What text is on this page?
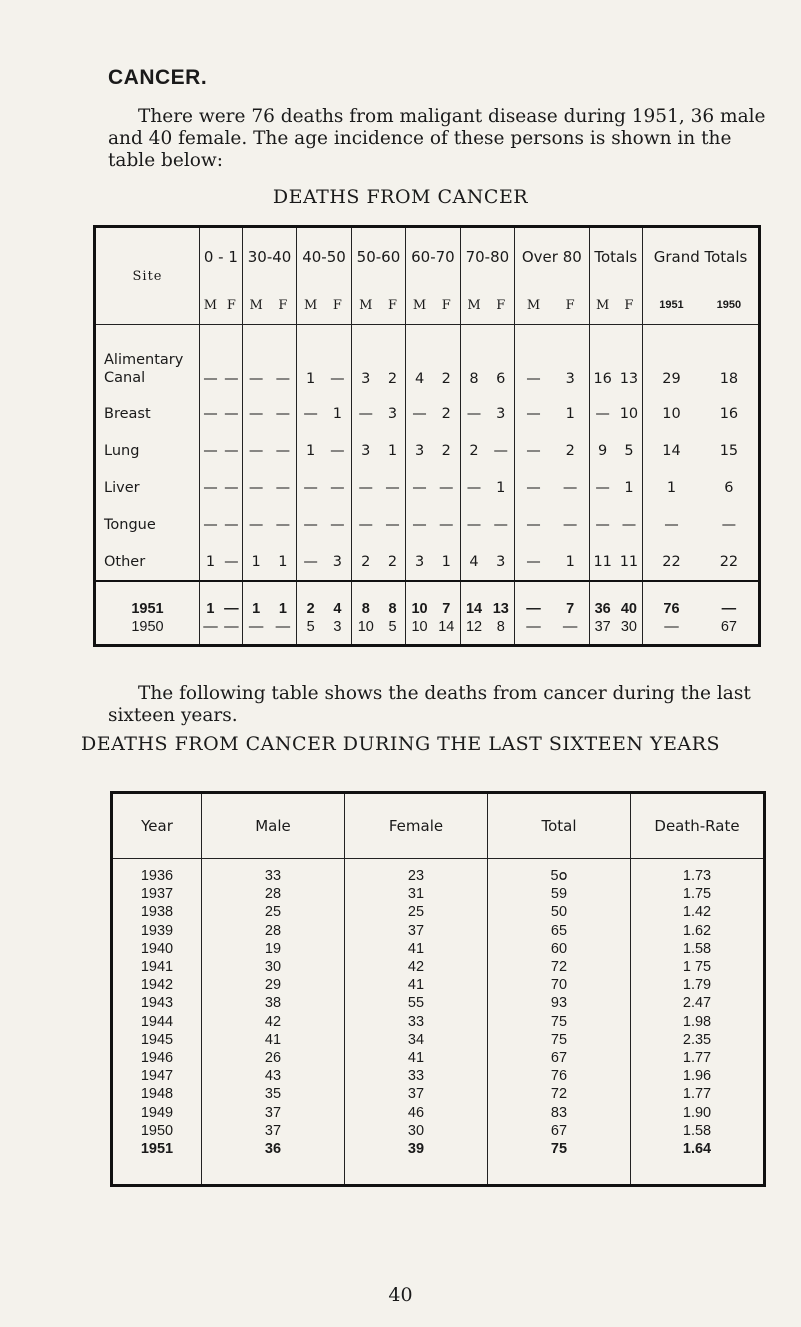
CANCER.
There were 76 deaths from maligant disease during 1951, 36 male and 40 female. The age incidence of these persons is shown in the table below:
DEATHS FROM CANCER
Site	0 - 1		30-40		40-50		50-60		60-70		70-80		Over 80		Totals		Grand Totals	
	M	F	M	F	M	F	M	F	M	F	M	F	M	F	M	F	1951	1950
Alimentary Canal	—	—	—	—	1	—	3	2	4	2	8	6	—	3	16	13	29	18
Breast	—	—	—	—	—	1	—	3	—	2	—	3	—	1	—	10	10	16
Lung	—	—	—	—	1	—	3	1	3	2	2	—	—	2	9	5	14	15
Liver	—	—	—	—	—	—	—	—	—	—	—	1	—	—	—	1	1	6
Tongue	—	—	—	—	—	—	—	—	—	—	—	—	—	—	—	—	—	—
Other	1	—	1	1	—	3	2	2	3	1	4	3	—	1	11	11	22	22
1951	1	—	1	1	2	4	8	8	10	7	14	13	—	7	36	40	76	—
1950	—	—	—	—	5	3	10	5	10	14	12	8	—	—	37	30	—	67
The following table shows the deaths from cancer during the last sixteen years.
DEATHS FROM CANCER DURING THE LAST SIXTEEN YEARS
Year	Male	Female	Total	Death-Rate
1936	33	23	5օ	1.73
1937	28	31	59	1.75
1938	25	25	50	1.42
1939	28	37	65	1.62
1940	19	41	60	1.58
1941	30	42	72	1 75
1942	29	41	70	1.79
1943	38	55	93	2.47
1944	42	33	75	1.98
1945	41	34	75	2.35
1946	26	41	67	1.77
1947	43	33	76	1.96
1948	35	37	72	1.77
1949	37	46	83	1.90
1950	37	30	67	1.58
1951	36	39	75	1.64
40
